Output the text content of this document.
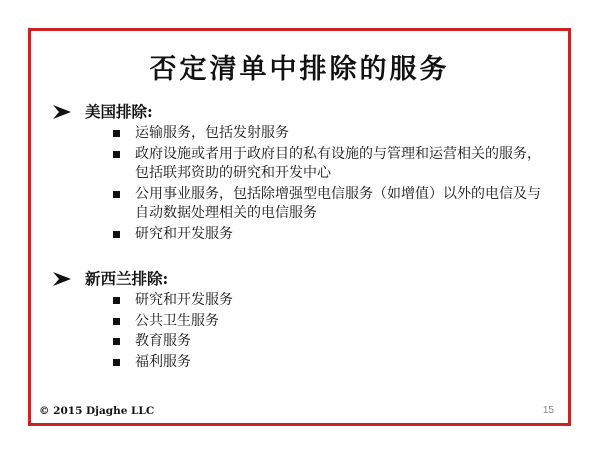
否定清单中排除的服务
美国排除:
运输服务，包括发射服务
政府设施或者用于政府目的私有设施的与管理和运营相关的服务，包括联邦资助的研究和开发中心
公用事业服务，包括除增强型电信服务（如增值）以外的电信及与自动数据处理相关的电信服务
研究和开发服务
新西兰排除:
研究和开发服务
公共卫生服务
教育服务
福利服务
© 2015 Djaghe LLC	15
